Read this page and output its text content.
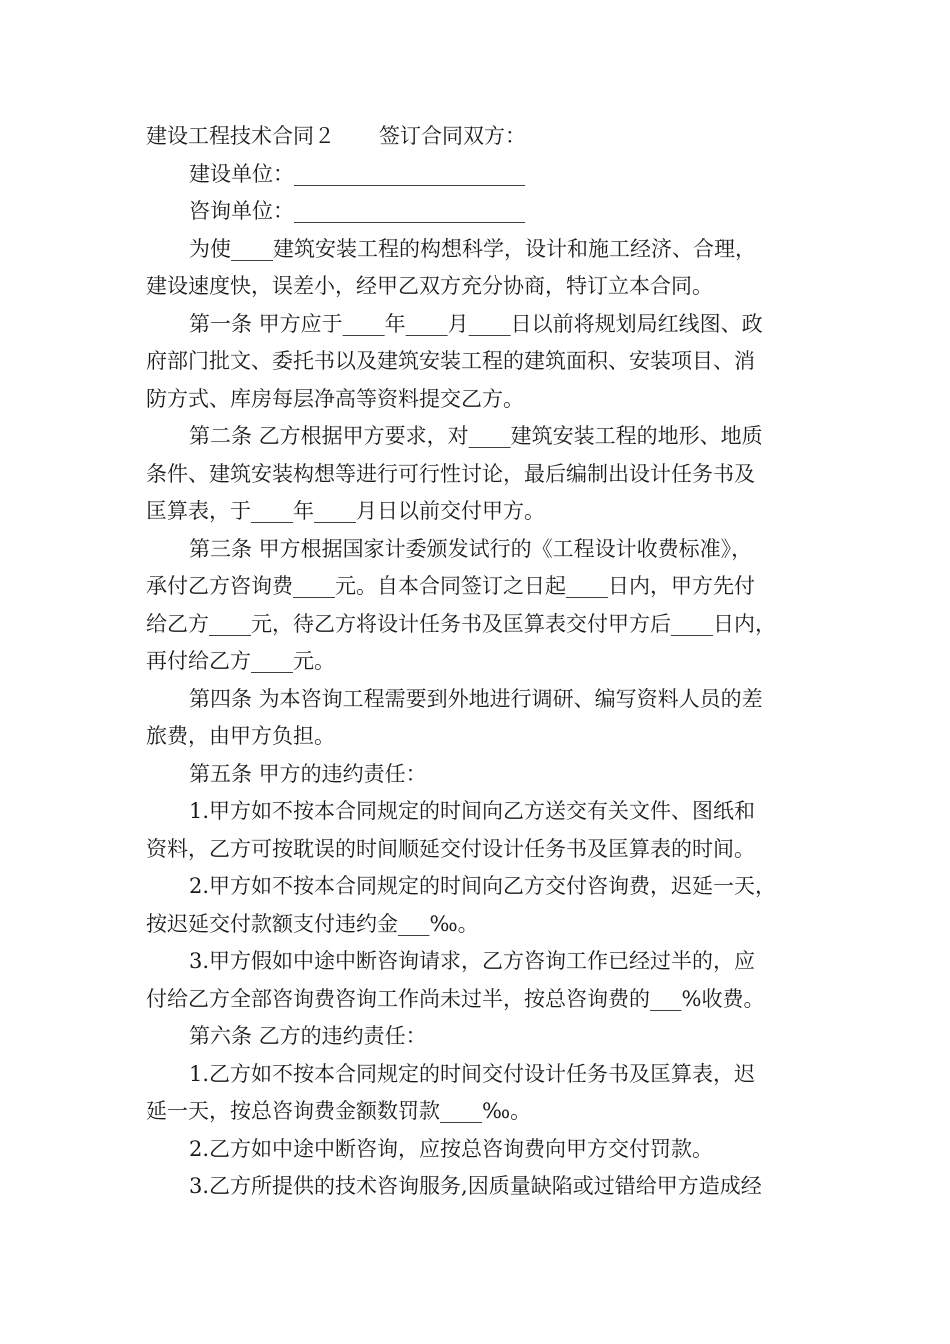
建设工程技术合同２ 签订合同双方：

建设单位：______________________

咨询单位：______________________

为使____建筑安装工程的构想科学，设计和施工经济、合理，

建设速度快，误差小，经甲乙双方充分协商，特订立本合同。

第一条 甲方应于____年____月____日以前将规划局红线图、政

府部门批文、委托书以及建筑安装工程的建筑面积、安装项目、消

防方式、库房每层净高等资料提交乙方。

第二条 乙方根据甲方要求，对____建筑安装工程的地形、地质

条件、建筑安装构想等进行可行性讨论，最后编制出设计任务书及

匡算表，于____年____月日以前交付甲方。

第三条 甲方根据国家计委颁发试行的《工程设计收费标准》，

承付乙方咨询费____元。自本合同签订之日起____日内，甲方先付

给乙方____元，待乙方将设计任务书及匡算表交付甲方后____日内，

再付给乙方____元。

第四条 为本咨询工程需要到外地进行调研、编写资料人员的差

旅费，由甲方负担。

第五条 甲方的违约责任：

1.甲方如不按本合同规定的时间向乙方送交有关文件、图纸和

资料，乙方可按耽误的时间顺延交付设计任务书及匡算表的时间。

2.甲方如不按本合同规定的时间向乙方交付咨询费，迟延一天，

按迟延交付款额支付违约金___‰。

3.甲方假如中途中断咨询请求，乙方咨询工作已经过半的，应

付给乙方全部咨询费咨询工作尚未过半，按总咨询费的___%收费。

第六条 乙方的违约责任：

1.乙方如不按本合同规定的时间交付设计任务书及匡算表，迟

延一天，按总咨询费金额数罚款____‰。

2.乙方如中途中断咨询，应按总咨询费向甲方交付罚款。

3.乙方所提供的技术咨询服务,因质量缺陷或过错给甲方造成经
